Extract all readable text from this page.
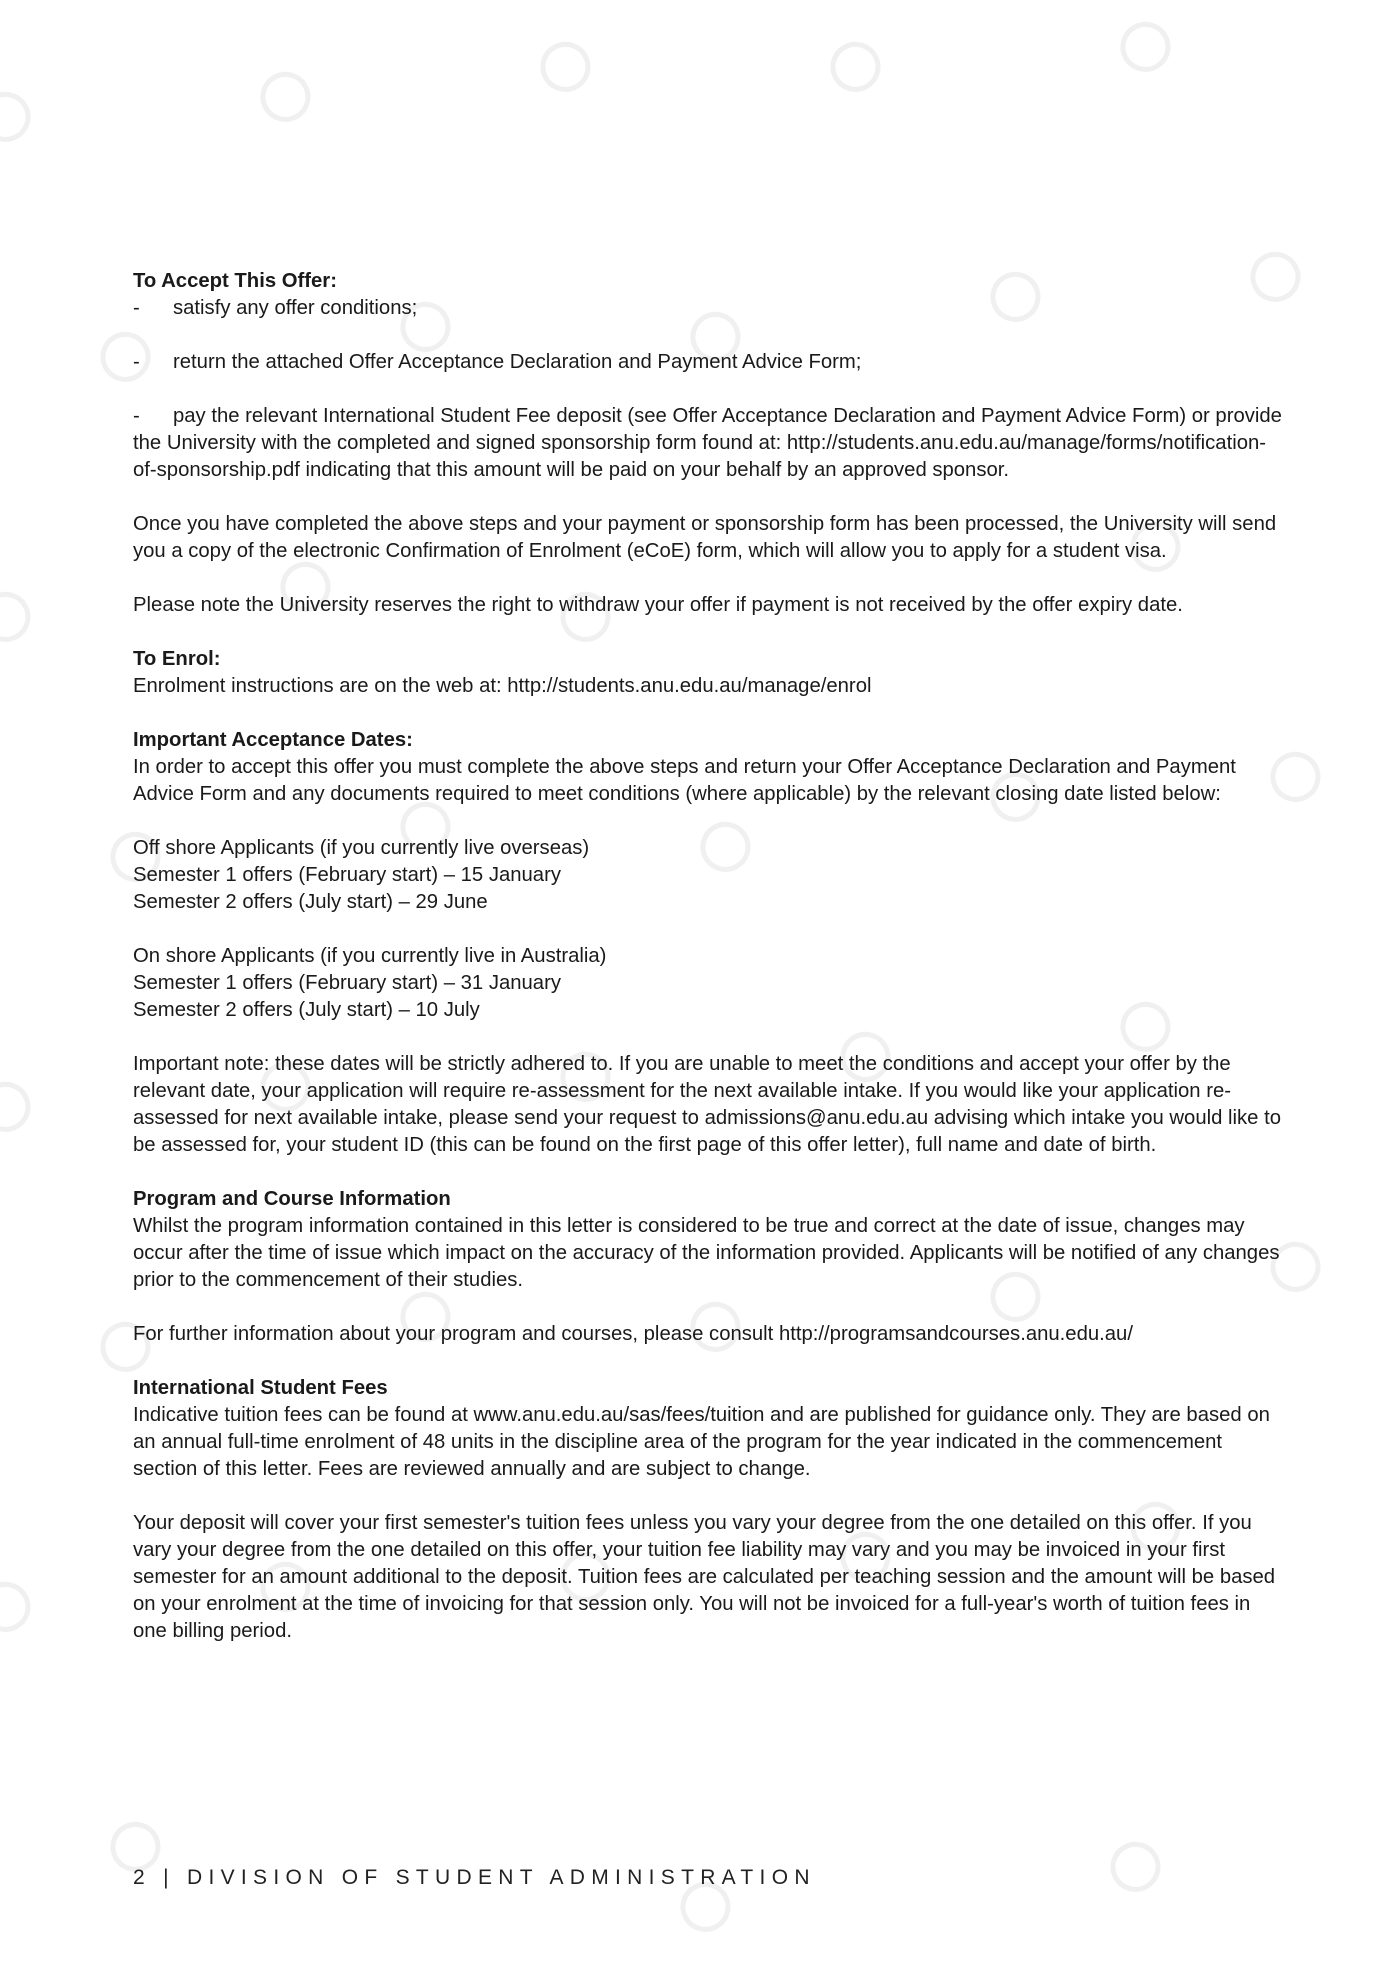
To Accept This Offer:

- satisfy any offer conditions;
- return the attached Offer Acceptance Declaration and Payment Advice Form;
- pay the relevant International Student Fee deposit (see Offer Acceptance Declaration and Payment Advice Form) or provide the University with the completed and signed sponsorship form found at: http://students.anu.edu.au/manage/forms/notification-of-sponsorship.pdf indicating that this amount will be paid on your behalf by an approved sponsor.

Once you have completed the above steps and your payment or sponsorship form has been processed, the University will send you a copy of the electronic Confirmation of Enrolment (eCoE) form, which will allow you to apply for a student visa.

Please note the University reserves the right to withdraw your offer if payment is not received by the offer expiry date.

To Enrol:

Enrolment instructions are on the web at: http://students.anu.edu.au/manage/enrol

Important Acceptance Dates:

In order to accept this offer you must complete the above steps and return your Offer Acceptance Declaration and Payment Advice Form and any documents required to meet conditions (where applicable) by the relevant closing date listed below:

Off shore Applicants (if you currently live overseas)

Semester 1 offers (February start) – 15 January

Semester 2 offers (July start) – 29 June

On shore Applicants (if you currently live in Australia)

Semester 1 offers (February start) – 31 January

Semester 2 offers (July start) – 10 July

Important note: these dates will be strictly adhered to. If you are unable to meet the conditions and accept your offer by the relevant date, your application will require re-assessment for the next available intake. If you would like your application re-assessed for next available intake, please send your request to admissions@anu.edu.au advising which intake you would like to be assessed for, your student ID (this can be found on the first page of this offer letter), full name and date of birth.

Program and Course Information

Whilst the program information contained in this letter is considered to be true and correct at the date of issue, changes may occur after the time of issue which impact on the accuracy of the information provided. Applicants will be notified of any changes prior to the commencement of their studies.

For further information about your program and courses, please consult http://programsandcourses.anu.edu.au/

International Student Fees

Indicative tuition fees can be found at www.anu.edu.au/sas/fees/tuition and are published for guidance only. They are based on an annual full-time enrolment of 48 units in the discipline area of the program for the year indicated in the commencement section of this letter. Fees are reviewed annually and are subject to change.

Your deposit will cover your first semester's tuition fees unless you vary your degree from the one detailed on this offer. If you vary your degree from the one detailed on this offer, your tuition fee liability may vary and you may be invoiced in your first semester for an amount additional to the deposit. Tuition fees are calculated per teaching session and the amount will be based on your enrolment at the time of invoicing for that session only. You will not be invoiced for a full-year's worth of tuition fees in one billing period.

2 | DIVISION OF STUDENT ADMINISTRATION
